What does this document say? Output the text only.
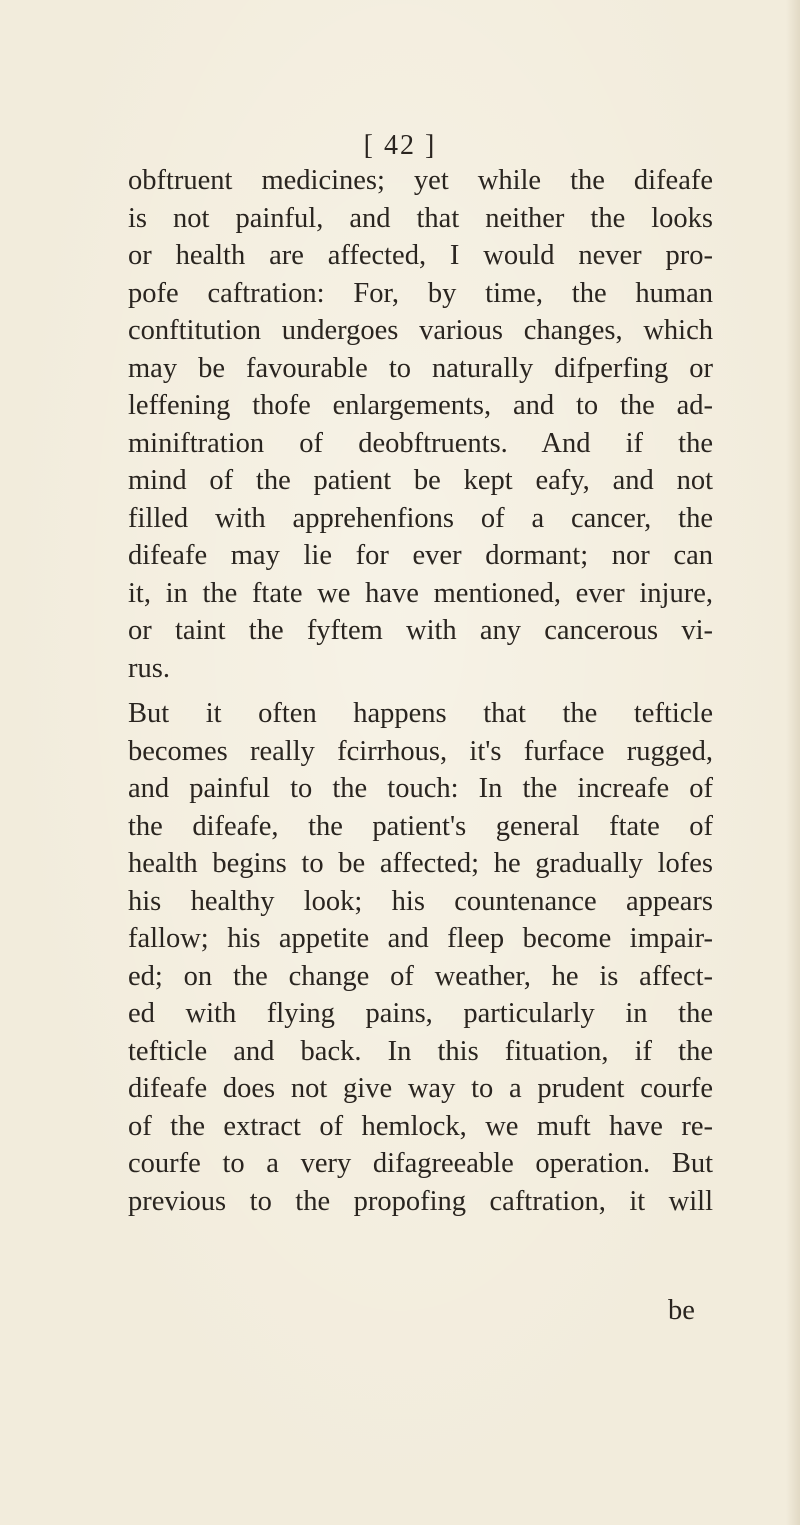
[ 42 ]
obftruent medicines; yet while the difeafe
is not painful, and that neither the looks
or health are affected, I would never pro-
pofe caftration: For, by time, the human
conftitution undergoes various changes, which
may be favourable to naturally difperfing or
leffening thofe enlargements, and to the ad-
miniftration of deobftruents. And if the
mind of the patient be kept eafy, and not
filled with apprehenfions of a cancer, the
difeafe may lie for ever dormant; nor can
it, in the ftate we have mentioned, ever injure,
or taint the fyftem with any cancerous vi-
rus.
But it often happens that the tefticle
becomes really fcirrhous, it's furface rugged,
and painful to the touch: In the increafe of
the difeafe, the patient's general ftate of
health begins to be affected; he gradually lofes
his healthy look; his countenance appears
fallow; his appetite and fleep become impair-
ed; on the change of weather, he is affect-
ed with flying pains, particularly in the
tefticle and back. In this fituation, if the
difeafe does not give way to a prudent courfe
of the extract of hemlock, we muft have re-
courfe to a very difagreeable operation. But
previous to the propofing caftration, it will
be
